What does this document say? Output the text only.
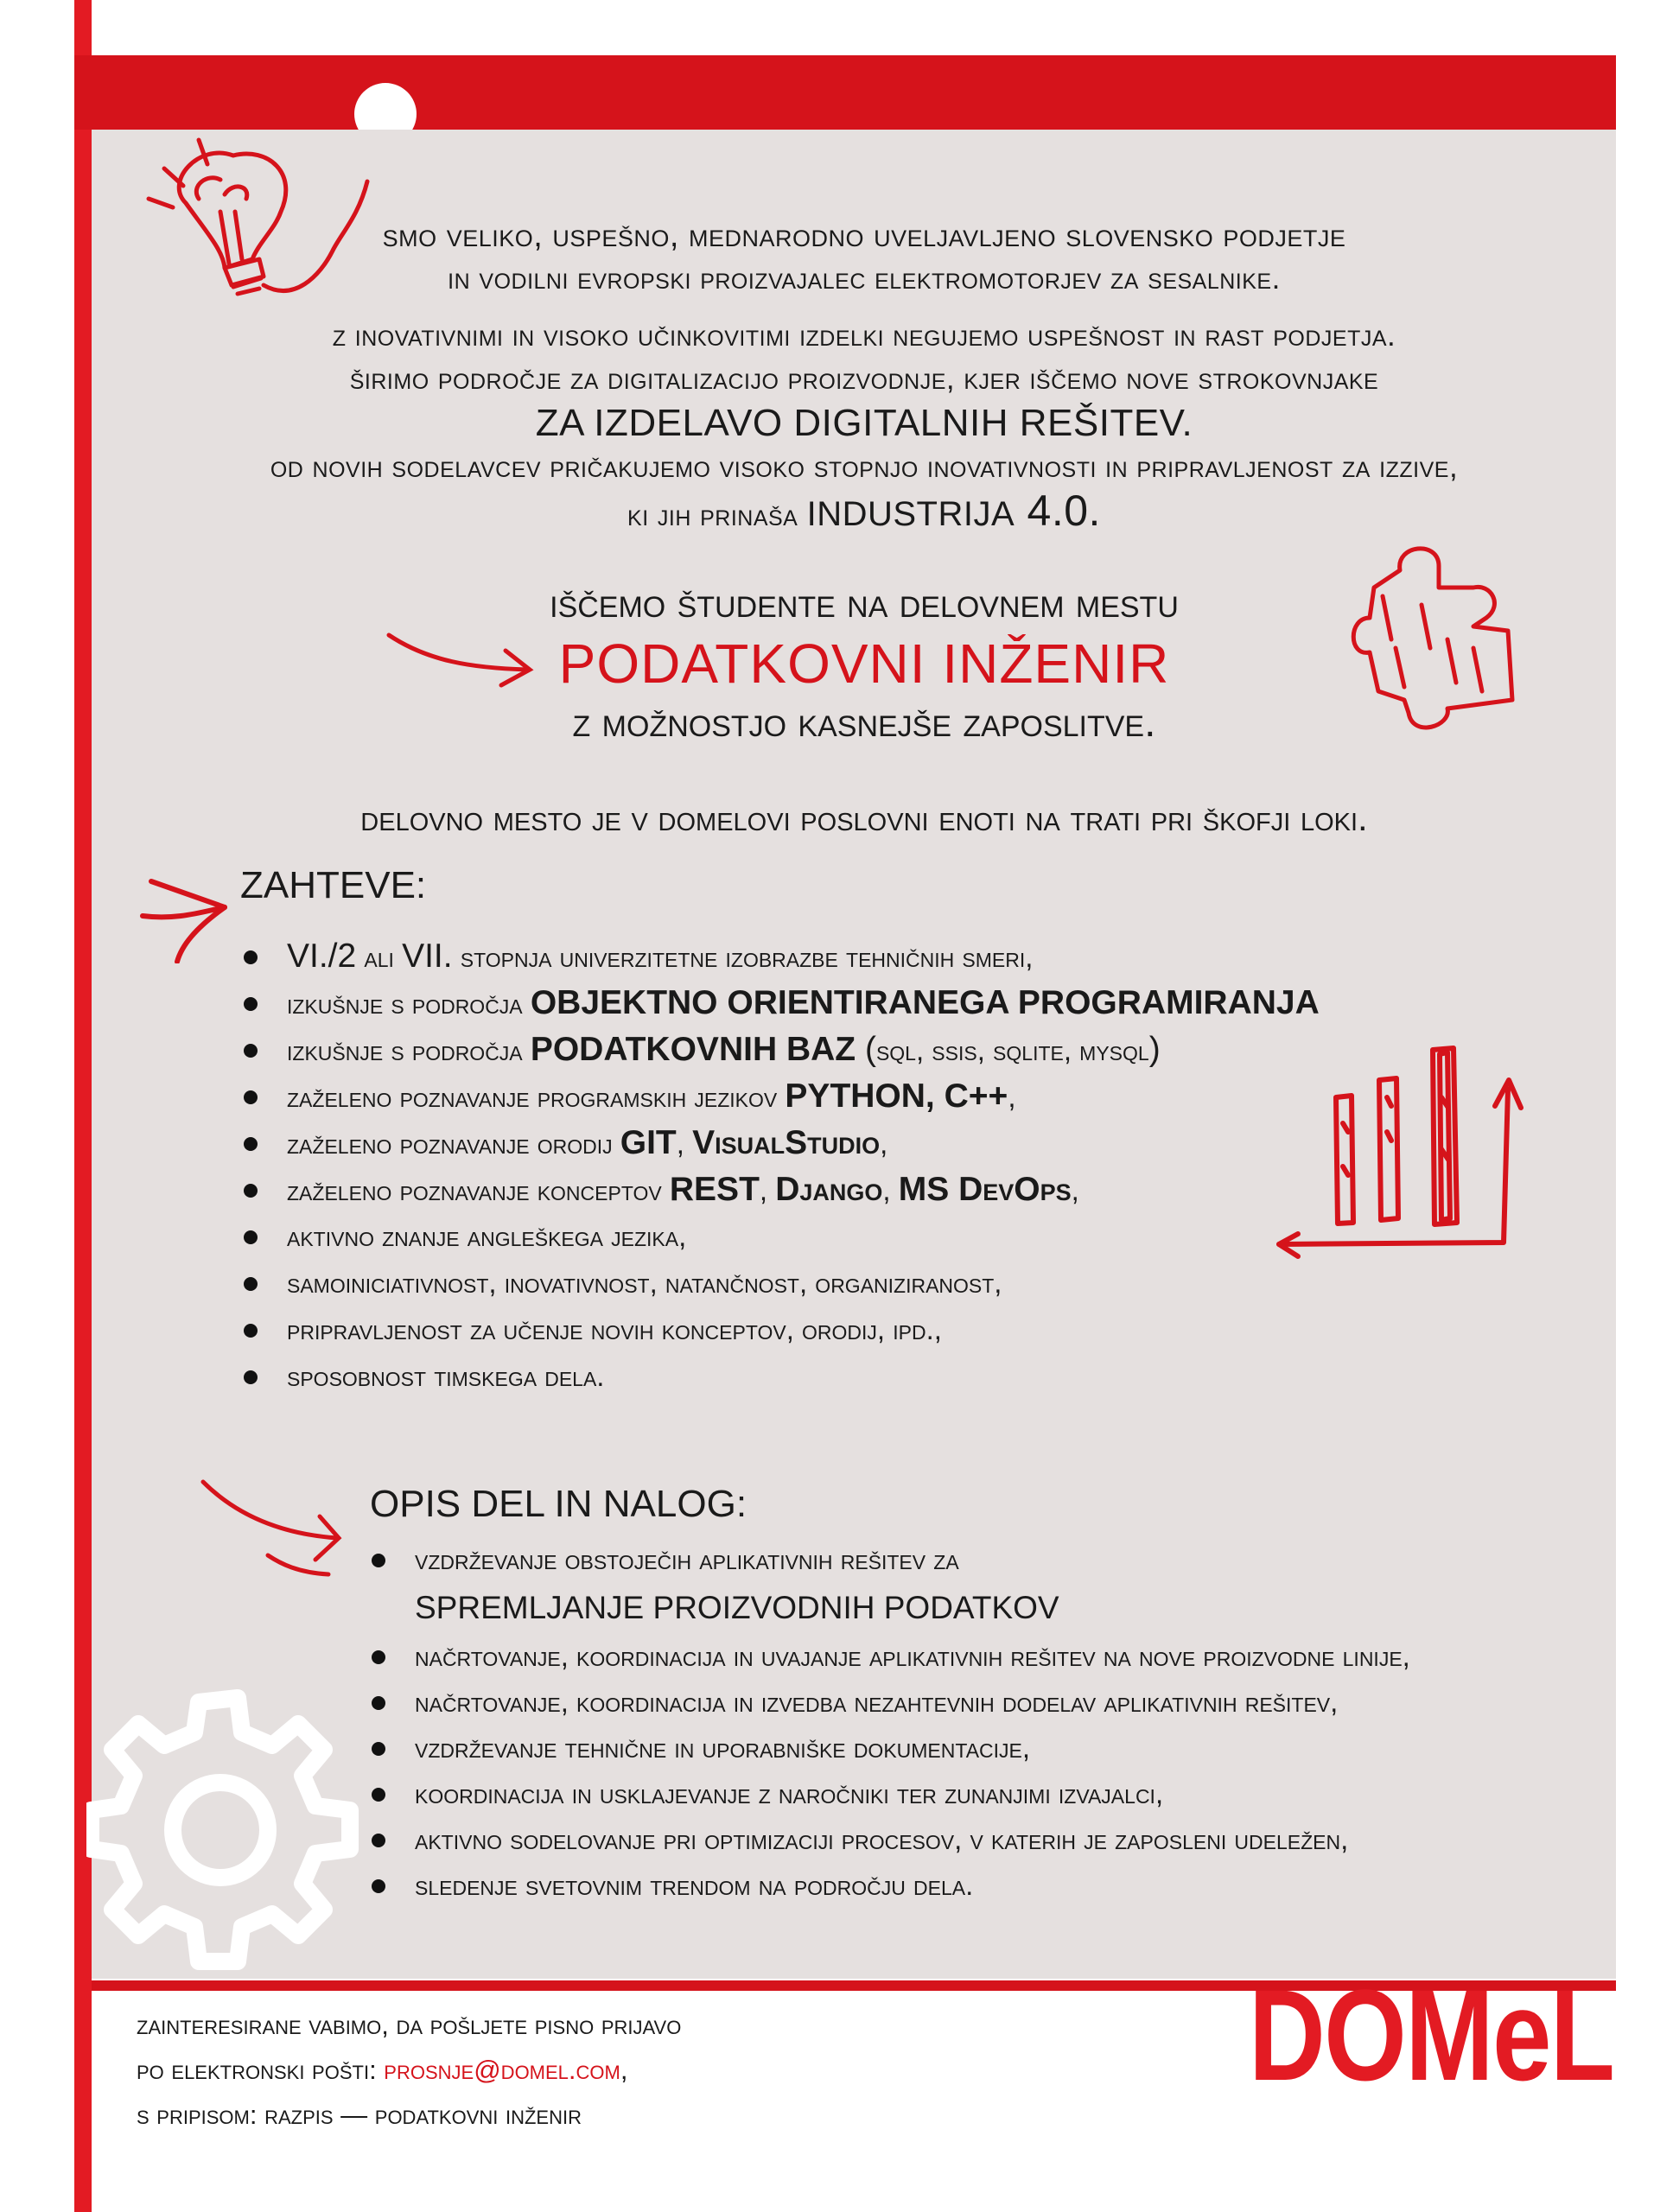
smo veliko, uspešno, mednarodno uveljavljeno slovensko podjetje
in vodilni evropski proizvajalec elektromotorjev za sesalnike.
z inovativnimi in visoko učinkovitimi izdelki negujemo uspešnost in rast podjetja.
širimo področje za digitalizacijo proizvodnje, kjer iščemo nove strokovnjake
ZA IZDELAVO DIGITALNIH REŠITEV.
od novih sodelavcev pričakujemo visoko stopnjo inovativnosti in pripravljenost za izzive,
ki jih prinaša INDUSTRIJA 4.0.
iščemo študente na delovnem mestu
PODATKOVNI INŽENIR
z možnostjo kasnejše zaposlitve.
delovno mesto je v domelovi poslovni enoti na trati pri škofji loki.
ZAHTEVE:
VI./2 ali VII. stopnja univerzitetne izobrazbe tehničnih smeri,
izkušnje s področja OBJEKTNO ORIENTIRANEGA PROGRAMIRANJA
izkušnje s področja PODATKOVNIH BAZ (sql, ssis, sqlite, mysql)
zaželeno poznavanje programskih jezikov PYTHON, C++,
zaželeno poznavanje orodij GIT, VisualStudio,
zaželeno poznavanje konceptov REST, Django, MS DevOps,
aktivno znanje angleškega jezika,
samoiniciativnost, inovativnost, natančnost, organiziranost,
pripravljenost za učenje novih konceptov, orodij, ipd.,
sposobnost timskega dela.
OPIS DEL IN NALOG:
vzdrževanje obstoječih aplikativnih rešitev za
SPREMLJANJE PROIZVODNIH PODATKOV
načrtovanje, koordinacija in uvajanje aplikativnih rešitev na nove proizvodne linije,
načrtovanje, koordinacija in izvedba nezahtevnih dodelav aplikativnih rešitev,
vzdrževanje tehnične in uporabniške dokumentacije,
koordinacija in usklajevanje z naročniki ter zunanjimi izvajalci,
aktivno sodelovanje pri optimizaciji procesov, v katerih je zaposleni udeležen,
sledenje svetovnim trendom na področju dela.
zainteresirane vabimo, da pošljete pisno prijavo
po elektronski pošti: prosnje@domel.com,
s pripisom: razpis — podatkovni inženir
DOMeL
